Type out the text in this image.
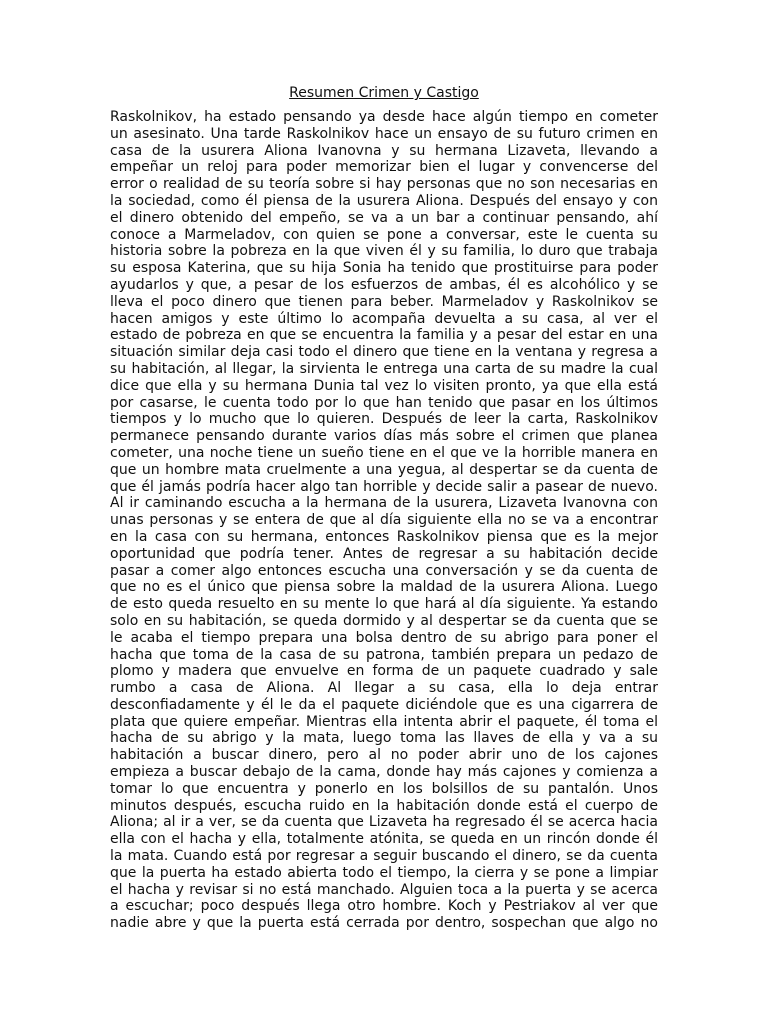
Resumen Crimen y Castigo
Raskolnikov, ha estado pensando ya desde hace algún tiempo en cometer
un asesinato. Una tarde Raskolnikov hace un ensayo de su futuro crimen en
casa de la usurera Aliona Ivanovna y su hermana Lizaveta, llevando a
empeñar un reloj para poder memorizar bien el lugar y convencerse del
error o realidad de su teoría sobre si hay personas que no son necesarias en
la sociedad, como él piensa de la usurera Aliona. Después del ensayo y con
el dinero obtenido del empeño, se va a un bar a continuar pensando, ahí
conoce a Marmeladov, con quien se pone a conversar, este le cuenta su
historia sobre la pobreza en la que viven él y su familia, lo duro que trabaja
su esposa Katerina, que su hija Sonia ha tenido que prostituirse para poder
ayudarlos y que, a pesar de los esfuerzos de ambas, él es alcohólico y se
lleva el poco dinero que tienen para beber. Marmeladov y Raskolnikov se
hacen amigos y este último lo acompaña devuelta a su casa, al ver el
estado de pobreza en que se encuentra la familia y a pesar del estar en una
situación similar deja casi todo el dinero que tiene en la ventana y regresa a
su habitación, al llegar, la sirvienta le entrega una carta de su madre la cual
dice que ella y su hermana Dunia tal vez lo visiten pronto, ya que ella está
por casarse, le cuenta todo por lo que han tenido que pasar en los últimos
tiempos y lo mucho que lo quieren. Después de leer la carta, Raskolnikov
permanece pensando durante varios días más sobre el crimen que planea
cometer, una noche tiene un sueño tiene en el que ve la horrible manera en
que un hombre mata cruelmente a una yegua, al despertar se da cuenta de
que él jamás podría hacer algo tan horrible y decide salir a pasear de nuevo.
Al ir caminando escucha a la hermana de la usurera, Lizaveta Ivanovna con
unas personas y se entera de que al día siguiente ella no se va a encontrar
en la casa con su hermana, entonces Raskolnikov piensa que es la mejor
oportunidad que podría tener. Antes de regresar a su habitación decide
pasar a comer algo entonces escucha una conversación y se da cuenta de
que no es el único que piensa sobre la maldad de la usurera Aliona. Luego
de esto queda resuelto en su mente lo que hará al día siguiente. Ya estando
solo en su habitación, se queda dormido y al despertar se da cuenta que se
le acaba el tiempo prepara una bolsa dentro de su abrigo para poner el
hacha que toma de la casa de su patrona, también prepara un pedazo de
plomo y madera que envuelve en forma de un paquete cuadrado y sale
rumbo a casa de Aliona. Al llegar a su casa, ella lo deja entrar
desconfiadamente y él le da el paquete diciéndole que es una cigarrera de
plata que quiere empeñar. Mientras ella intenta abrir el paquete, él toma el
hacha de su abrigo y la mata, luego toma las llaves de ella y va a su
habitación a buscar dinero, pero al no poder abrir uno de los cajones
empieza a buscar debajo de la cama, donde hay más cajones y comienza a
tomar lo que encuentra y ponerlo en los bolsillos de su pantalón. Unos
minutos después, escucha ruido en la habitación donde está el cuerpo de
Aliona; al ir a ver, se da cuenta que Lizaveta ha regresado él se acerca hacia
ella con el hacha y ella, totalmente atónita, se queda en un rincón donde él
la mata. Cuando está por regresar a seguir buscando el dinero, se da cuenta
que la puerta ha estado abierta todo el tiempo, la cierra y se pone a limpiar
el hacha y revisar si no está manchado. Alguien toca a la puerta y se acerca
a escuchar; poco después llega otro hombre. Koch y Pestriakov al ver que
nadie abre y que la puerta está cerrada por dentro, sospechan que algo no
